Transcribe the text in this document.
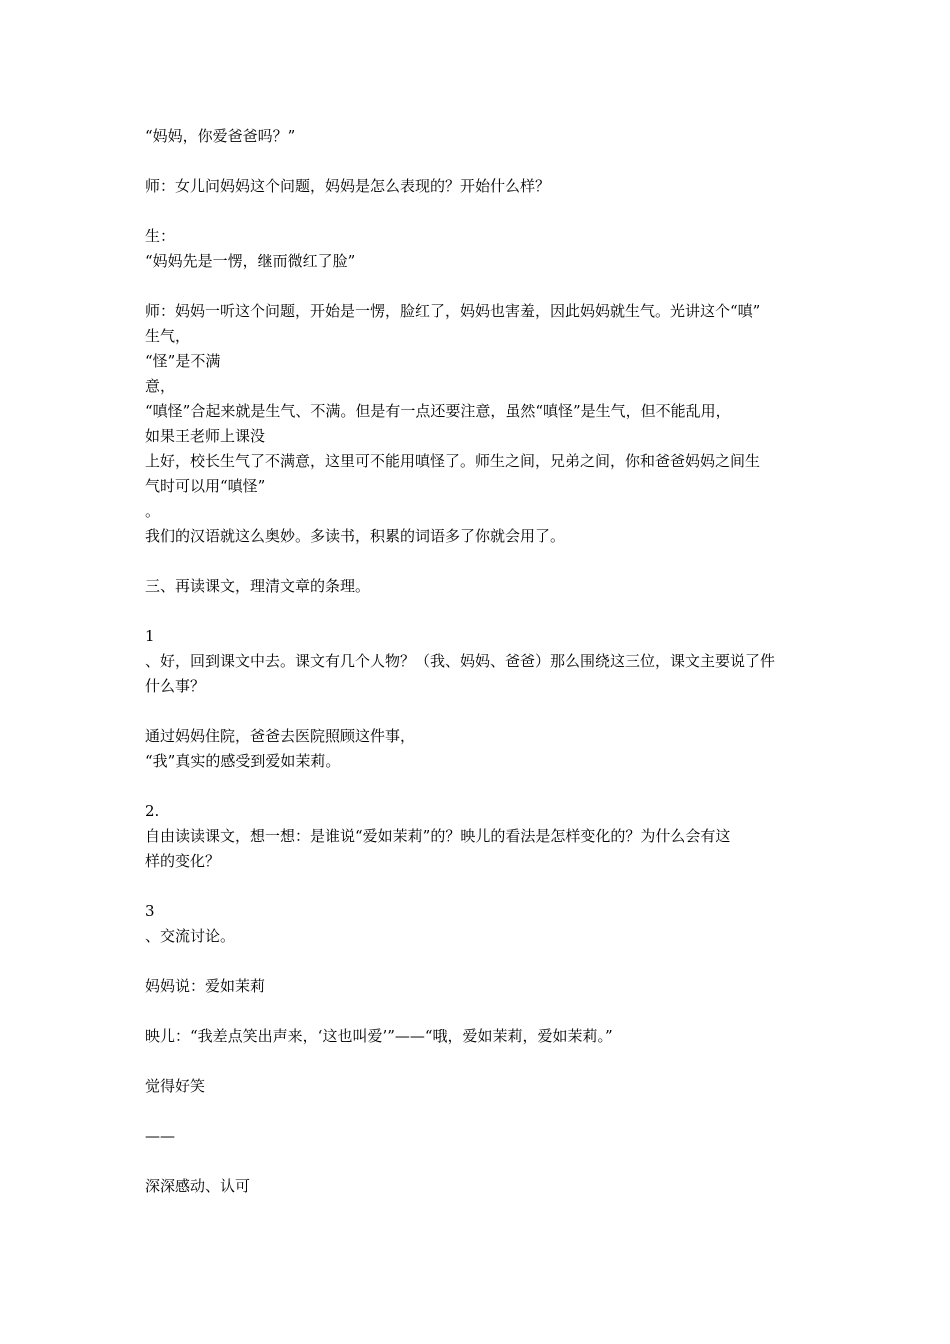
“妈妈，你爱爸爸吗？”

师：女儿问妈妈这个问题，妈妈是怎么表现的？开始什么样？

生：

“妈妈先是一愣，继而微红了脸”

师：妈妈一听这个问题，开始是一愣，脸红了，妈妈也害羞，因此妈妈就生气。光讲这个“嗔”

生气，

“怪”是不满

意，

“嗔怪”合起来就是生气、不满。但是有一点还要注意，虽然“嗔怪”是生气，但不能乱用，

如果王老师上课没

上好，校长生气了不满意，这里可不能用嗔怪了。师生之间，兄弟之间，你和爸爸妈妈之间生

气时可以用“嗔怪”

。

我们的汉语就这么奥妙。多读书，积累的词语多了你就会用了。

三、再读课文，理清文章的条理。

1

、好，回到课文中去。课文有几个人物？（我、妈妈、爸爸）那么围绕这三位，课文主要说了件

什么事？

通过妈妈住院，爸爸去医院照顾这件事，

“我”真实的感受到爱如茉莉。

2.

自由读读课文，想一想：是谁说“爱如茉莉”的？映儿的看法是怎样变化的？为什么会有这

样的变化？

3

、交流讨论。

妈妈说：爱如茉莉

映儿：“我差点笑出声来，‘这也叫爱’”——“哦，爱如茉莉，爱如茉莉。”

觉得好笑

——

深深感动、认可
